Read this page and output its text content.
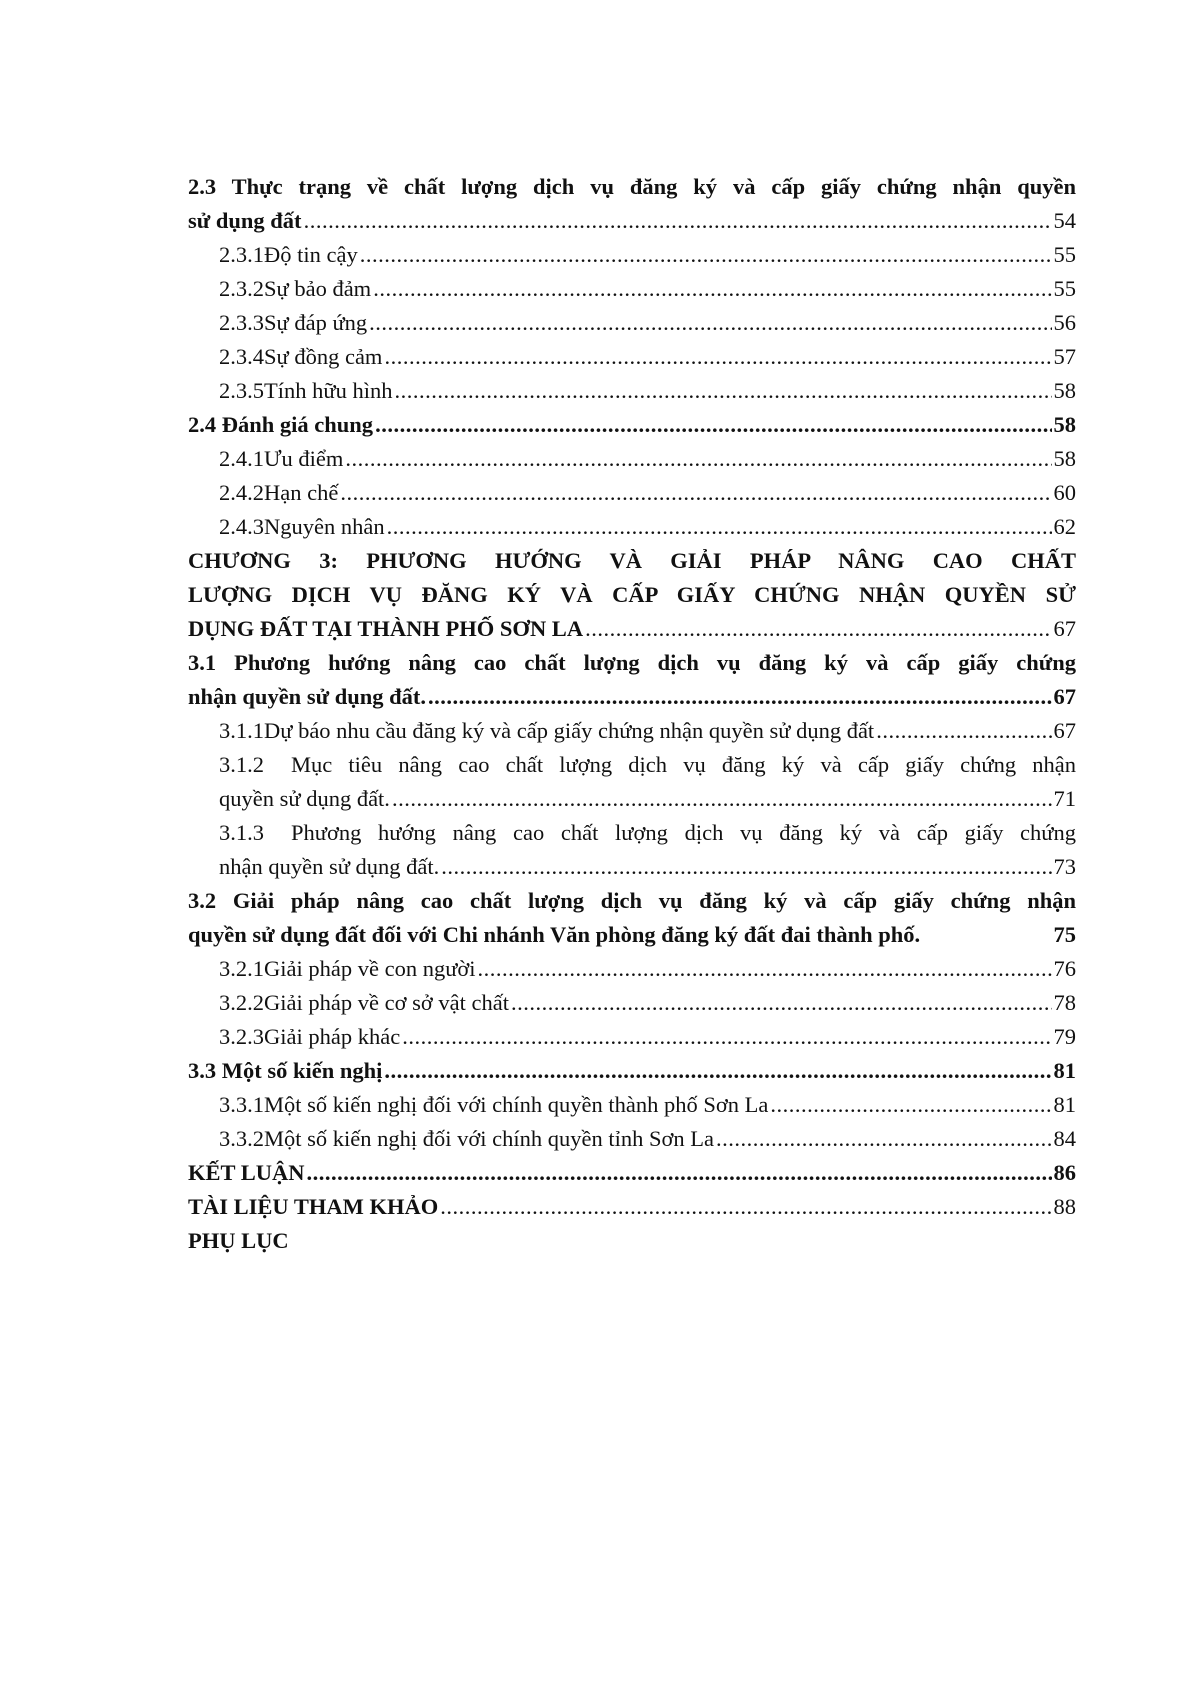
2.3 Thực trạng về chất lượng dịch vụ đăng ký và cấp giấy chứng nhận quyền
sử dụng đất .....	54
2.3.1 Độ tin cậy .....	55
2.3.2 Sự bảo đảm .....	55
2.3.3 Sự đáp ứng .....	56
2.3.4 Sự đồng cảm .....	57
2.3.5 Tính hữu hình .....	58
2.4 Đánh giá chung .....	58
2.4.1 Ưu điểm .....	58
2.4.2 Hạn chế .....	60
2.4.3 Nguyên nhân .....	62
CHƯƠNG 3: PHƯƠNG HƯỚNG VÀ GIẢI PHÁP NÂNG CAO CHẤT
LƯỢNG DỊCH VỤ ĐĂNG KÝ VÀ CẤP GIẤY CHỨNG NHẬN QUYỀN SỬ
DỤNG ĐẤT TẠI THÀNH PHỐ SƠN LA .....	67
3.1 Phương hướng nâng cao chất lượng dịch vụ đăng ký và cấp giấy chứng
nhận quyền sử dụng đất. .....	67
3.1.1 Dự báo nhu cầu đăng ký và cấp giấy chứng nhận quyền sử dụng đất .....	67
3.1.2	Mục tiêu nâng cao chất lượng dịch vụ đăng ký và cấp giấy chứng nhận
quyền sử dụng đất. .....	71
3.1.3	Phương hướng nâng cao chất lượng dịch vụ đăng ký và cấp giấy chứng
nhận quyền sử dụng đất. .....	73
3.2 Giải pháp nâng cao chất lượng dịch vụ đăng ký và cấp giấy chứng nhận
quyền sử dụng đất đối với Chi nhánh Văn phòng đăng ký đất đai thành phố.	75
3.2.1 Giải pháp về con người .....	76
3.2.2 Giải pháp về cơ sở vật chất .....	78
3.2.3 Giải pháp khác .....	79
3.3 Một số kiến nghị .....	81
3.3.1 Một số kiến nghị đối với chính quyền thành phố Sơn La .....	81
3.3.2 Một số kiến nghị đối với chính quyền tỉnh Sơn La .....	84
KẾT LUẬN .....	86
TÀI LIỆU THAM KHẢO .....	88
PHỤ LỤC
